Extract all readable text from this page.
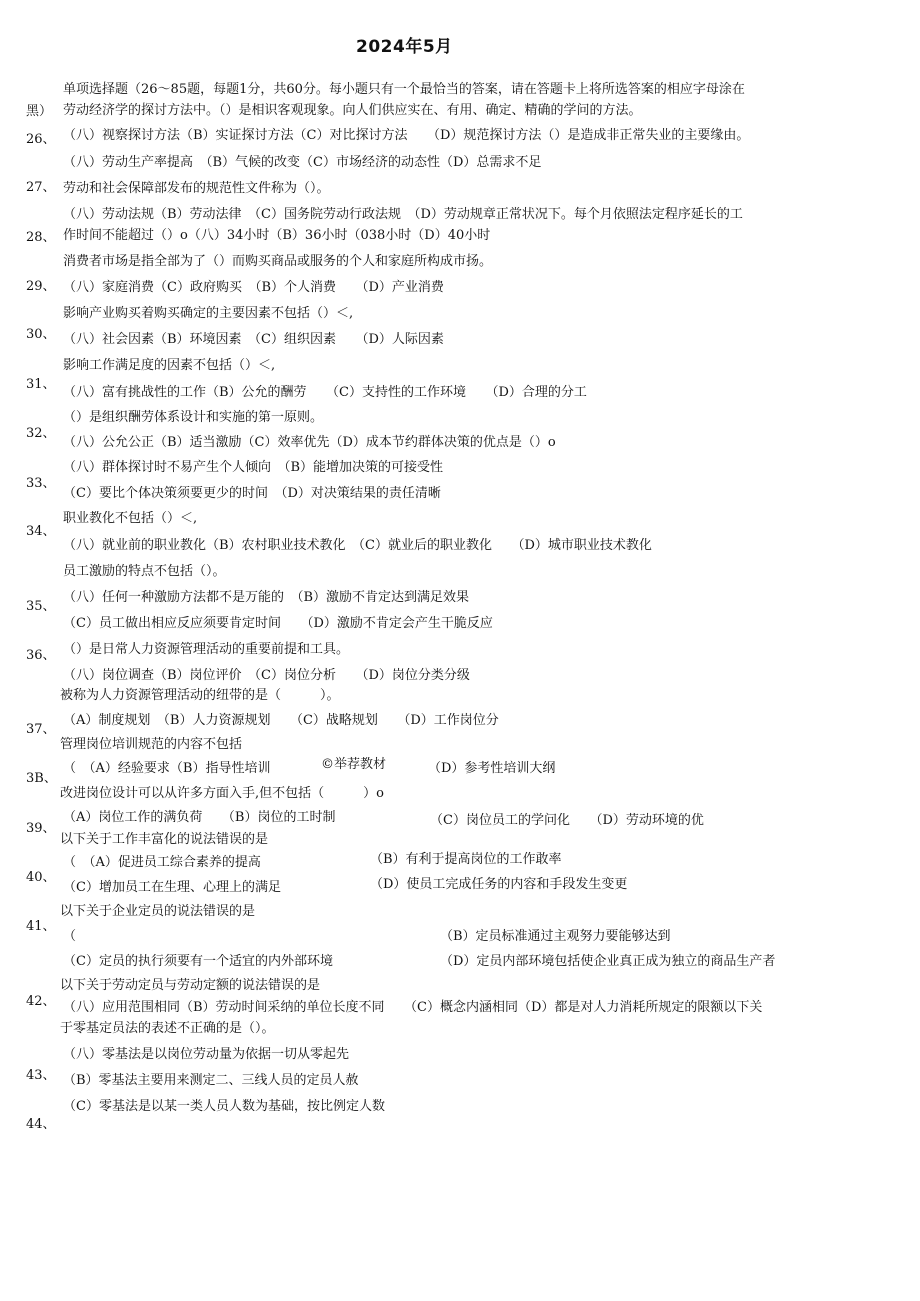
2024年5月
黑）
26、
27、
28、
29、
30、
31、
32、
33、
34、
35、
36、
37、
3B、
39、
40、
41、
42、
43、
44、
单项选择题（26～85题，每题1分，共60分。每小题只有一个最恰当的答案，请在答题卡上将所选答案的相应字母涂在
劳动经济学的探讨方法中。（）是相识客观现象。向人们供应实在、有用、确定、精确的学问的方法。
（八）视察探讨方法（B）实证探讨方法（C）对比探讨方法　　（D）规范探讨方法（）是造成非正常失业的主要缘由。
（八）劳动生产率提高　（B）气候的改变（C）市场经济的动态性（D）总需求不足
劳动和社会保障部发布的规范性文件称为（）。
（八）劳动法规（B）劳动法律　（C）国务院劳动行政法规　（D）劳动规章正常状况下。每个月依照法定程序延长的工
作时间不能超过（）o（八）34小时（B）36小时（038小时（D）40小时
消费者市场是指全部为了（）而购买商品或服务的个人和家庭所构成市扬。
（八）家庭消费（C）政府购买　（B）个人消费　　（D）产业消费
影响产业购买着购买确定的主要因素不包括（）＜,
（八）社会因素（B）环境因素　（C）组织因素　　（D）人际因素
影响工作满足度的因素不包括（）＜,
（八）富有挑战性的工作（B）公允的酬劳　　（C）支持性的工作环境　　（D）合理的分工
（）是组织酬劳体系设计和实施的第一原则。
（八）公允公正（B）适当激励（C）效率优先（D）成本节约群体决策的优点是（）o
（八）群体探讨时不易产生个人倾向　（B）能增加决策的可接受性
（C）要比个体决策须要更少的时间　（D）对决策结果的责任清晰
职业教化不包括（）＜,
（八）就业前的职业教化（B）农村职业技术教化　（C）就业后的职业教化　　（D）城市职业技术教化
员工激励的特点不包括（）。
（八）任何一种激励方法都不是万能的　（B）激励不肯定达到满足效果
（C）员工做出相应反应须要肯定时间　　（D）激励不肯定会产生干脆反应
（）是日常人力资源管理活动的重要前提和工具。
（八）岗位调查（B）岗位评价　（C）岗位分析　　（D）岗位分类分级
被称为人力资源管理活动的纽带的是（　　　）。
（A）制度规划　（B）人力资源规划　　（C）战略规划　　（D）工作岗位分
管理岗位培训规范的内容不包括
（　（A）经验要求（B）指导性培训	©举荐教材	（D）参考性培训大纲
改进岗位设计可以从许多方面入手,但不包括（　　　）o
（A）岗位工作的满负荷　　（B）岗位的工时制	（C）岗位员工的学问化　　（D）劳动环境的优
以下关于工作丰富化的说法错误的是
（　（A）促进员工综合素养的提高	（B）有利于提高岗位的工作敢率
（C）增加员工在生理、心理上的满足	（D）使员工完成任务的内容和手段发生变更
以下关于企业定员的说法错误的是
（	（B）定员标准通过主观努力要能够达到
（C）定员的执行须要有一个适宜的内外部环境	（D）定员内部环境包括使企业真正成为独立的商品生产者
以下关于劳动定员与劳动定额的说法错误的是
（八）应用范围相同（B）劳动时间采纳的单位长度不同　　（C）概念内涵相同（D）都是对人力消耗所规定的限额以下关
于零基定员法的表述不正确的是（）。
（八）零基法是以岗位劳动量为依据一切从零起先
（B）零基法主要用来测定二、三线人员的定员人赦
（C）零基法是以某一类人员人数为基础，按比例定人数
